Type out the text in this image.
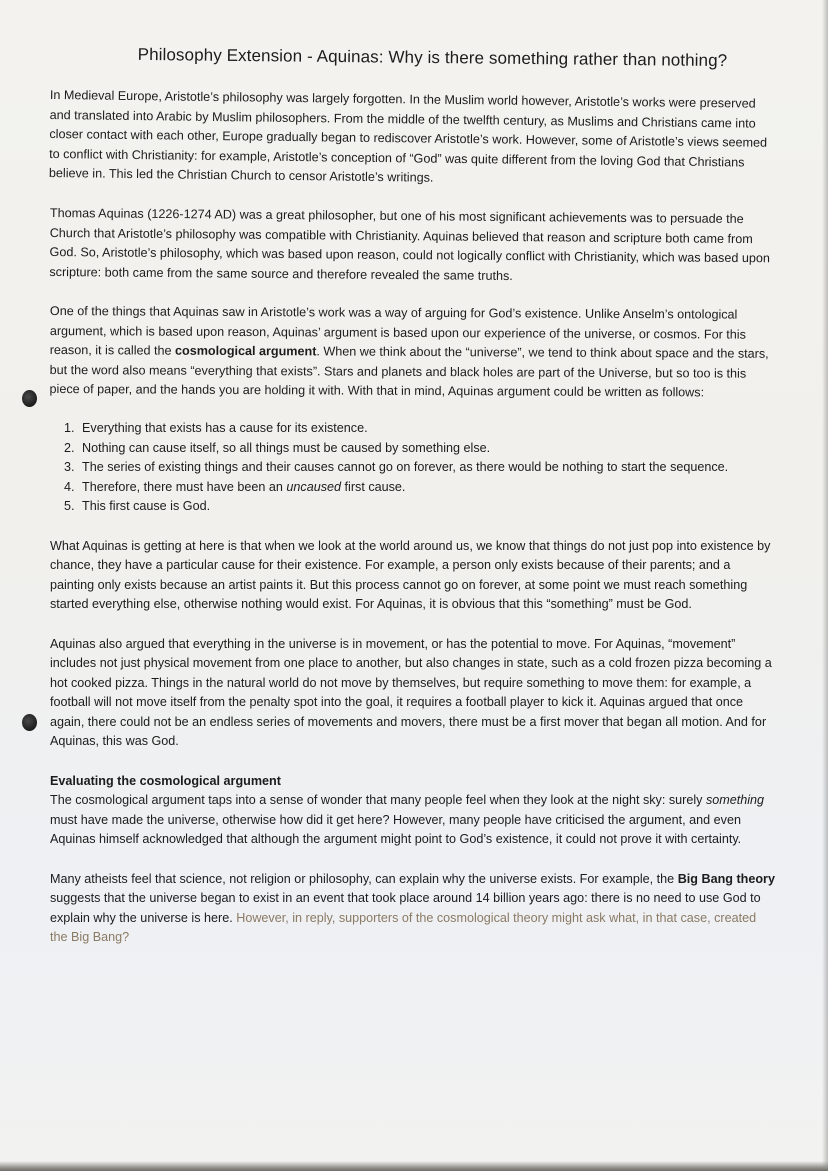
Philosophy Extension - Aquinas: Why is there something rather than nothing?

In Medieval Europe, Aristotle’s philosophy was largely forgotten. In the Muslim world however, Aristotle’s works were preserved and translated into Arabic by Muslim philosophers. From the middle of the twelfth century, as Muslims and Christians came into closer contact with each other, Europe gradually began to rediscover Aristotle’s work. However, some of Aristotle’s views seemed to conflict with Christianity: for example, Aristotle’s conception of “God” was quite different from the loving God that Christians believe in. This led the Christian Church to censor Aristotle’s writings.

Thomas Aquinas (1226-1274 AD) was a great philosopher, but one of his most significant achievements was to persuade the Church that Aristotle’s philosophy was compatible with Christianity. Aquinas believed that reason and scripture both came from God. So, Aristotle’s philosophy, which was based upon reason, could not logically conflict with Christianity, which was based upon scripture: both came from the same source and therefore revealed the same truths.

One of the things that Aquinas saw in Aristotle’s work was a way of arguing for God’s existence. Unlike Anselm’s ontological argument, which is based upon reason, Aquinas’ argument is based upon our experience of the universe, or cosmos. For this reason, it is called the cosmological argument. When we think about the “universe”, we tend to think about space and the stars, but the word also means “everything that exists”. Stars and planets and black holes are part of the Universe, but so too is this piece of paper, and the hands you are holding it with. With that in mind, Aquinas argument could be written as follows:

1. Everything that exists has a cause for its existence.
2. Nothing can cause itself, so all things must be caused by something else.
3. The series of existing things and their causes cannot go on forever, as there would be nothing to start the sequence.
4. Therefore, there must have been an uncaused first cause.
5. This first cause is God.

What Aquinas is getting at here is that when we look at the world around us, we know that things do not just pop into existence by chance, they have a particular cause for their existence. For example, a person only exists because of their parents; and a painting only exists because an artist paints it. But this process cannot go on forever, at some point we must reach something started everything else, otherwise nothing would exist. For Aquinas, it is obvious that this “something” must be God.

Aquinas also argued that everything in the universe is in movement, or has the potential to move. For Aquinas, “movement” includes not just physical movement from one place to another, but also changes in state, such as a cold frozen pizza becoming a hot cooked pizza. Things in the natural world do not move by themselves, but require something to move them: for example, a football will not move itself from the penalty spot into the goal, it requires a football player to kick it. Aquinas argued that once again, there could not be an endless series of movements and movers, there must be a first mover that began all motion. And for Aquinas, this was God.

Evaluating the cosmological argument
The cosmological argument taps into a sense of wonder that many people feel when they look at the night sky: surely something must have made the universe, otherwise how did it get here? However, many people have criticised the argument, and even Aquinas himself acknowledged that although the argument might point to God’s existence, it could not prove it with certainty.

Many atheists feel that science, not religion or philosophy, can explain why the universe exists. For example, the Big Bang theory suggests that the universe began to exist in an event that took place around 14 billion years ago: there is no need to use God to explain why the universe is here. However, in reply, supporters of the cosmological theory might ask what, in that case, created the Big Bang?
